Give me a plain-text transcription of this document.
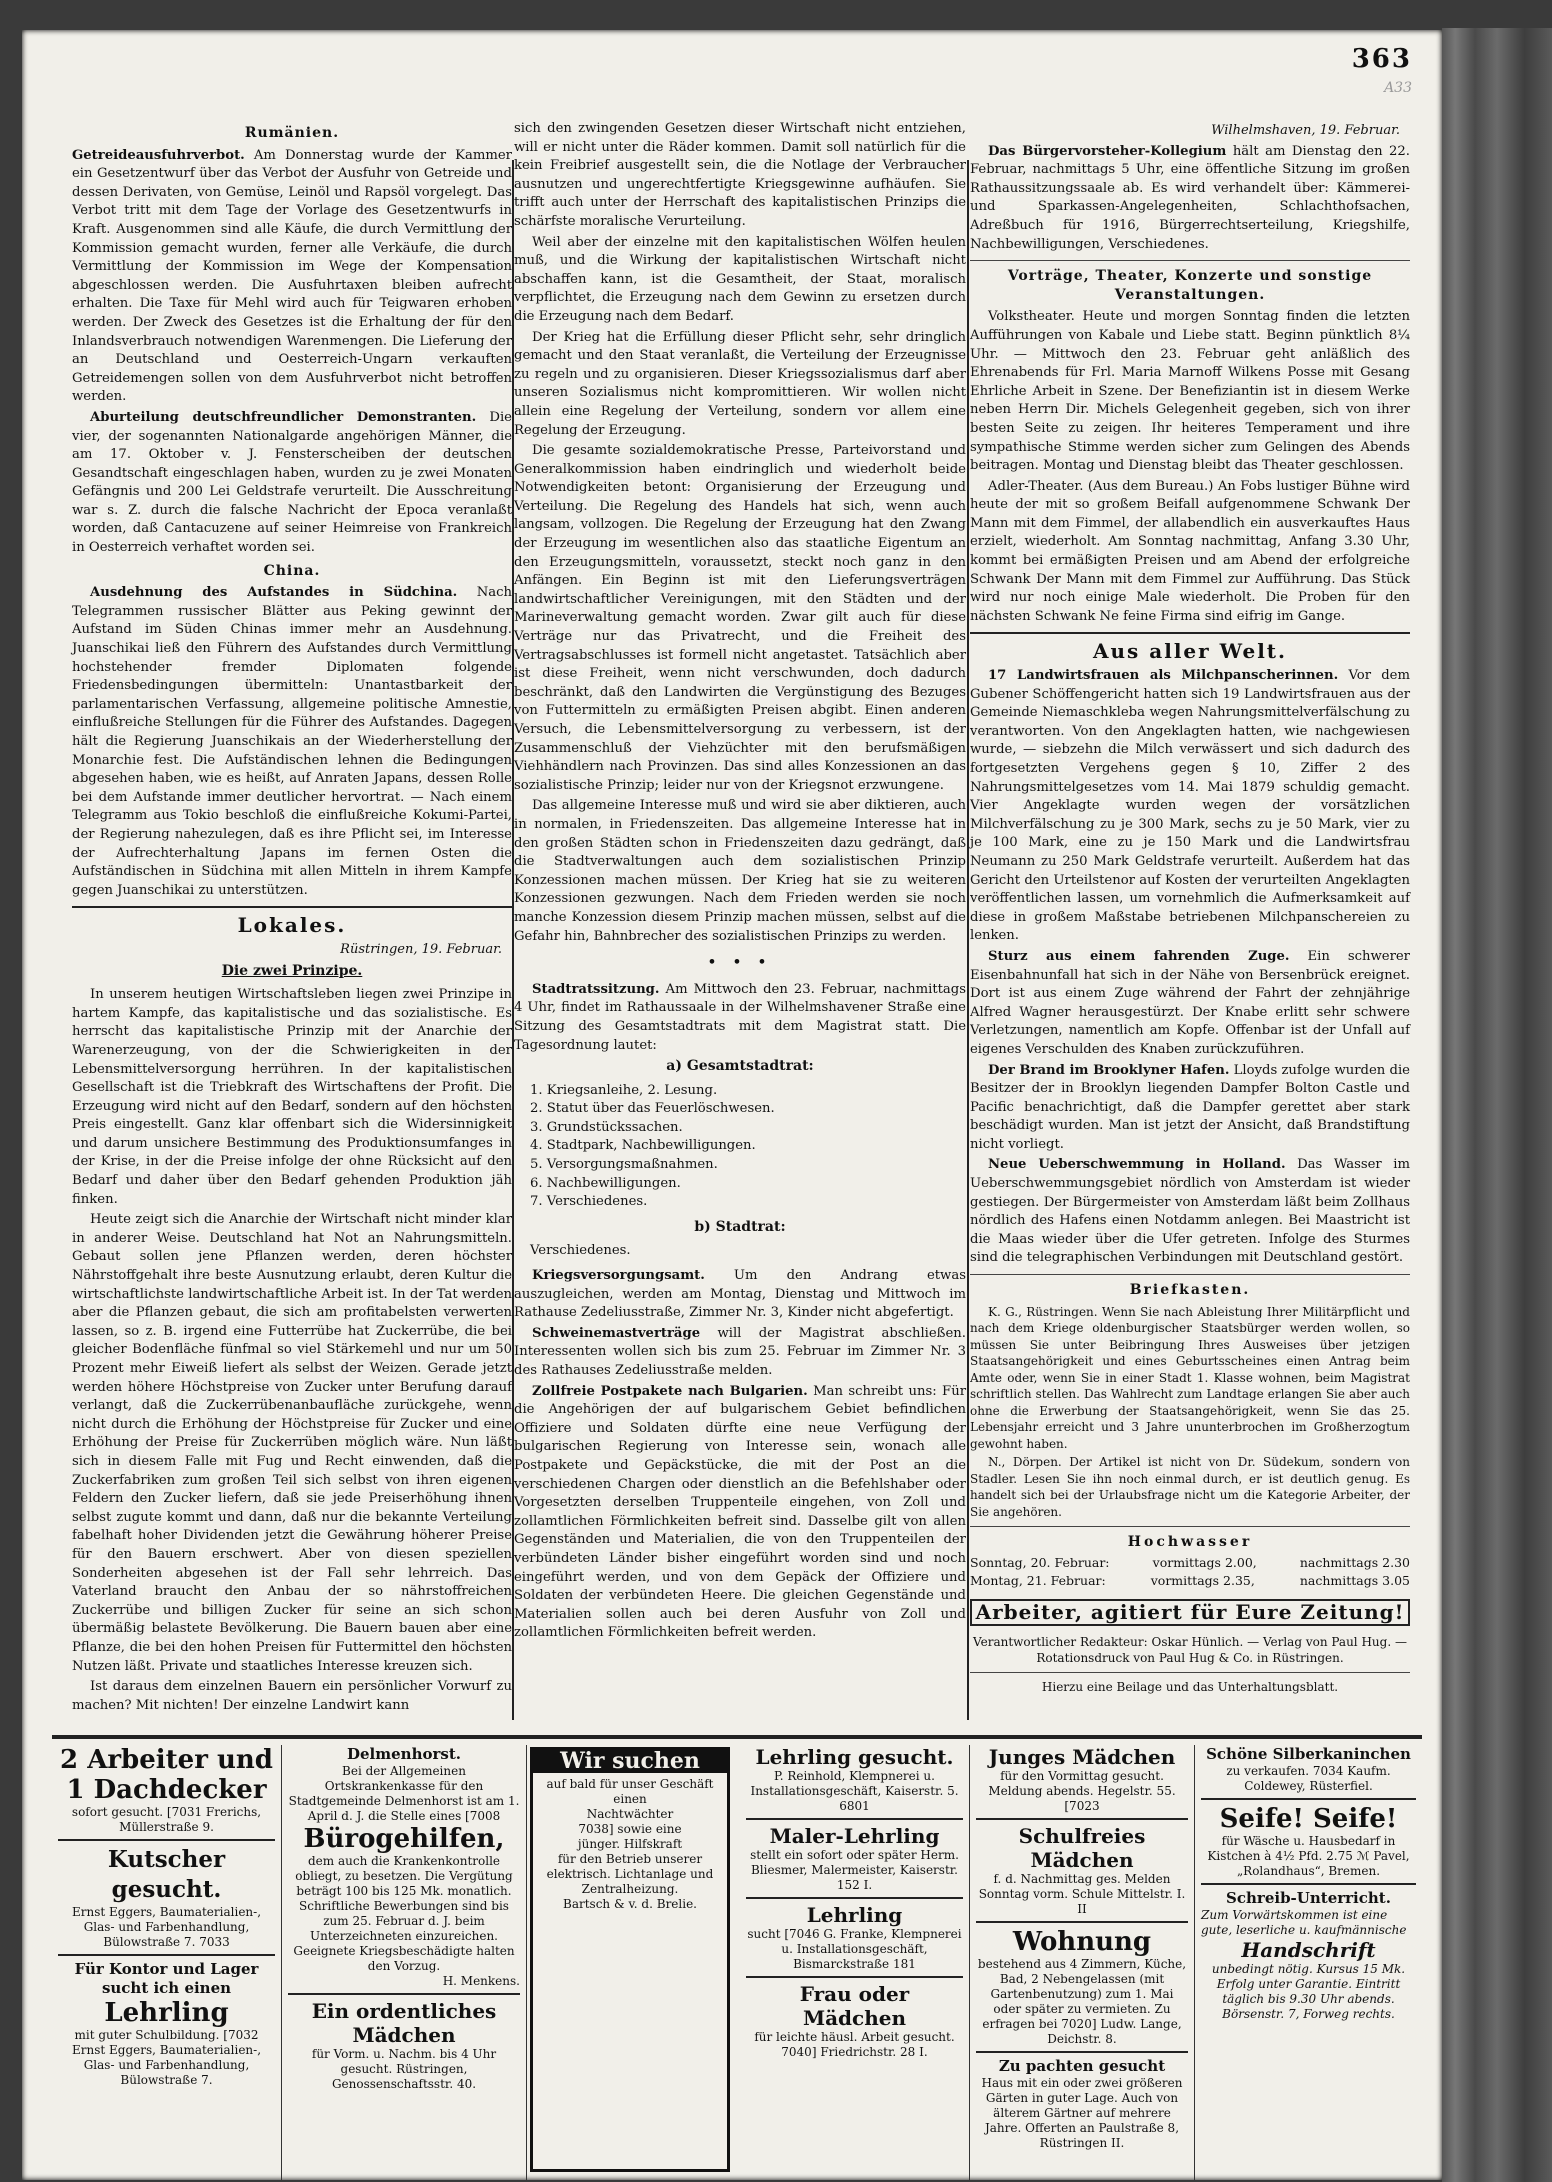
363
A33
Rumänien.

Getreideausfuhrverbot. Am Donnerstag wurde der Kammer ein Gesetzentwurf über das Verbot der Ausfuhr von Getreide und dessen Derivaten, von Gemüse, Leinöl und Rapsöl vorgelegt. Das Verbot tritt mit dem Tage der Vorlage des Gesetzentwurfs in Kraft. Ausgenommen sind alle Käufe, die durch Vermittlung der Kommission gemacht wurden, ferner alle Verkäufe, die durch Vermittlung der Kommission im Wege der Kompensation abgeschlossen werden. Die Ausfuhrtaxen bleiben aufrecht erhalten. Die Taxe für Mehl wird auch für Teigwaren erhoben werden. Der Zweck des Gesetzes ist die Erhaltung der für den Inlandsverbrauch notwendigen Warenmengen. Die Lieferung der an Deutschland und Oesterreich-Ungarn verkauften Getreidemengen sollen von dem Ausfuhrverbot nicht betroffen werden.

Aburteilung deutschfreundlicher Demonstranten. Die vier, der sogenannten Nationalgarde angehörigen Männer, die am 17. Oktober v. J. Fensterscheiben der deutschen Gesandtschaft eingeschlagen haben, wurden zu je zwei Monaten Gefängnis und 200 Lei Geldstrafe verurteilt. Die Ausschreitung war s. Z. durch die falsche Nachricht der Epoca veranlaßt worden, daß Cantacuzene auf seiner Heimreise von Frankreich in Oesterreich verhaftet worden sei.

China.

Ausdehnung des Aufstandes in Südchina. Nach Telegrammen russischer Blätter aus Peking gewinnt der Aufstand im Süden Chinas immer mehr an Ausdehnung. Juanschikai ließ den Führern des Aufstandes durch Vermittlung hochstehender fremder Diplomaten folgende Friedensbedingungen übermitteln: Unantastbarkeit der parlamentarischen Verfassung, allgemeine politische Amnestie, einflußreiche Stellungen für die Führer des Aufstandes. Dagegen hält die Regierung Juanschikais an der Wiederherstellung der Monarchie fest. Die Aufständischen lehnen die Bedingungen abgesehen haben, wie es heißt, auf Anraten Japans, dessen Rolle bei dem Aufstande immer deutlicher hervortrat. — Nach einem Telegramm aus Tokio beschloß die einflußreiche Kokumi-Partei, der Regierung nahezulegen, daß es ihre Pflicht sei, im Interesse der Aufrechterhaltung Japans im fernen Osten die Aufständischen in Südchina mit allen Mitteln in ihrem Kampfe gegen Juanschikai zu unterstützen.

Lokales.
Rüstringen, 19. Februar.
Die zwei Prinzipe.

In unserem heutigen Wirtschaftsleben liegen zwei Prinzipe in hartem Kampfe, das kapitalistische und das sozialistische. Es herrscht das kapitalistische Prinzip mit der Anarchie der Warenerzeugung, von der die Schwierigkeiten in der Lebensmittelversorgung herrühren. In der kapitalistischen Gesellschaft ist die Triebkraft des Wirtschaftens der Profit. Die Erzeugung wird nicht auf den Bedarf, sondern auf den höchsten Preis eingestellt. Ganz klar offenbart sich die Widersinnigkeit und darum unsichere Bestimmung des Produktionsumfanges in der Krise, in der die Preise infolge der ohne Rücksicht auf den Bedarf und daher über den Bedarf gehenden Produktion jäh finken.

Heute zeigt sich die Anarchie der Wirtschaft nicht minder klar in anderer Weise. Deutschland hat Not an Nahrungsmitteln. Gebaut sollen jene Pflanzen werden, deren höchster Nährstoffgehalt ihre beste Ausnutzung erlaubt, deren Kultur die wirtschaftlichste landwirtschaftliche Arbeit ist. In der Tat werden aber die Pflanzen gebaut, die sich am profitabelsten verwerten lassen, so z. B. irgend eine Futterrübe hat Zuckerrübe, die bei gleicher Bodenfläche fünfmal so viel Stärkemehl und nur um 50 Prozent mehr Eiweiß liefert als selbst der Weizen. Gerade jetzt werden höhere Höchstpreise von Zucker unter Berufung darauf verlangt, daß die Zuckerrübenanbaufläche zurückgehe, wenn nicht durch die Erhöhung der Höchstpreise für Zucker und eine Erhöhung der Preise für Zuckerrüben möglich wäre. Nun läßt sich in diesem Falle mit Fug und Recht einwenden, daß die Zuckerfabriken zum großen Teil sich selbst von ihren eigenen Feldern den Zucker liefern, daß sie jede Preiserhöhung ihnen selbst zugute kommt und dann, daß nur die bekannte Verteilung fabelhaft hoher Dividenden jetzt die Gewährung höherer Preise für den Bauern erschwert. Aber von diesen speziellen Sonderheiten abgesehen ist der Fall sehr lehrreich. Das Vaterland braucht den Anbau der so nährstoffreichen Zuckerrübe und billigen Zucker für seine an sich schon übermäßig belastete Bevölkerung. Die Bauern bauen aber eine Pflanze, die bei den hohen Preisen für Futtermittel den höchsten Nutzen läßt. Private und staatliches Interesse kreuzen sich.

Ist daraus dem einzelnen Bauern ein persönlicher Vorwurf zu machen? Mit nichten! Der einzelne Landwirt kann

sich den zwingenden Gesetzen dieser Wirtschaft nicht entziehen, will er nicht unter die Räder kommen. Damit soll natürlich für die kein Freibrief ausgestellt sein, die die Notlage der Verbraucher ausnutzen und ungerechtfertigte Kriegsgewinne aufhäufen. Sie trifft auch unter der Herrschaft des kapitalistischen Prinzips die schärfste moralische Verurteilung.

Weil aber der einzelne mit den kapitalistischen Wölfen heulen muß, und die Wirkung der kapitalistischen Wirtschaft nicht abschaffen kann, ist die Gesamtheit, der Staat, moralisch verpflichtet, die Erzeugung nach dem Gewinn zu ersetzen durch die Erzeugung nach dem Bedarf.

Der Krieg hat die Erfüllung dieser Pflicht sehr, sehr dringlich gemacht und den Staat veranlaßt, die Verteilung der Erzeugnisse zu regeln und zu organisieren. Dieser Kriegssozialismus darf aber unseren Sozialismus nicht kompromittieren. Wir wollen nicht allein eine Regelung der Verteilung, sondern vor allem eine Regelung der Erzeugung.

Die gesamte sozialdemokratische Presse, Parteivorstand und Generalkommission haben eindringlich und wiederholt beide Notwendigkeiten betont: Organisierung der Erzeugung und Verteilung. Die Regelung des Handels hat sich, wenn auch langsam, vollzogen. Die Regelung der Erzeugung hat den Zwang der Erzeugung im wesentlichen also das staatliche Eigentum an den Erzeugungsmitteln, voraussetzt, steckt noch ganz in den Anfängen. Ein Beginn ist mit den Lieferungsverträgen landwirtschaftlicher Vereinigungen, mit den Städten und der Marineverwaltung gemacht worden. Zwar gilt auch für diese Verträge nur das Privatrecht, und die Freiheit des Vertragsabschlusses ist formell nicht angetastet. Tatsächlich aber ist diese Freiheit, wenn nicht verschwunden, doch dadurch beschränkt, daß den Landwirten die Vergünstigung des Bezuges von Futtermitteln zu ermäßigten Preisen abgibt. Einen anderen Versuch, die Lebensmittelversorgung zu verbessern, ist der Zusammenschluß der Viehzüchter mit den berufsmäßigen Viehhändlern nach Provinzen. Das sind alles Konzessionen an das sozialistische Prinzip; leider nur von der Kriegsnot erzwungene.

Das allgemeine Interesse muß und wird sie aber diktieren, auch in normalen, in Friedenszeiten. Das allgemeine Interesse hat in den großen Städten schon in Friedenszeiten dazu gedrängt, daß die Stadtverwaltungen auch dem sozialistischen Prinzip Konzessionen machen müssen. Der Krieg hat sie zu weiteren Konzessionen gezwungen. Nach dem Frieden werden sie noch manche Konzession diesem Prinzip machen müssen, selbst auf die Gefahr hin, Bahnbrecher des sozialistischen Prinzips zu werden.

• • •

Stadtratssitzung. Am Mittwoch den 23. Februar, nachmittags 4 Uhr, findet im Rathaussaale in der Wilhelmshavener Straße eine Sitzung des Gesamtstadtrats mit dem Magistrat statt. Die Tagesordnung lautet:

a) Gesamtstadtrat:
1. Kriegsanleihe, 2. Lesung.
2. Statut über das Feuerlöschwesen.
3. Grundstückssachen.
4. Stadtpark, Nachbewilligungen.
5. Versorgungsmaßnahmen.
6. Nachbewilligungen.
7. Verschiedenes.
b) Stadtrat:
Verschiedenes.

Kriegsversorgungsamt. Um den Andrang etwas auszugleichen, werden am Montag, Dienstag und Mittwoch im Rathause Zedeliusstraße, Zimmer Nr. 3, Kinder nicht abgefertigt.

Schweinemastverträge will der Magistrat abschließen. Interessenten wollen sich bis zum 25. Februar im Zimmer Nr. 3 des Rathauses Zedeliusstraße melden.

Zollfreie Postpakete nach Bulgarien. Man schreibt uns: Für die Angehörigen der auf bulgarischem Gebiet befindlichen Offiziere und Soldaten dürfte eine neue Verfügung der bulgarischen Regierung von Interesse sein, wonach alle Postpakete und Gepäckstücke, die mit der Post an die verschiedenen Chargen oder dienstlich an die Befehlshaber oder Vorgesetzten derselben Truppenteile eingehen, von Zoll und zollamtlichen Förmlichkeiten befreit sind. Dasselbe gilt von allen Gegenständen und Materialien, die von den Truppenteilen der verbündeten Länder bisher eingeführt worden sind und noch eingeführt werden, und von dem Gepäck der Offiziere und Soldaten der verbündeten Heere. Die gleichen Gegenstände und Materialien sollen auch bei deren Ausfuhr von Zoll und zollamtlichen Förmlichkeiten befreit werden.

Wilhelmshaven, 19. Februar.

Das Bürgervorsteher-Kollegium hält am Dienstag den 22. Februar, nachmittags 5 Uhr, eine öffentliche Sitzung im großen Rathaussitzungssaale ab. Es wird verhandelt über: Kämmerei- und Sparkassen-Angelegenheiten, Schlachthofsachen, Adreßbuch für 1916, Bürgerrechtserteilung, Kriegshilfe, Nachbewilligungen, Verschiedenes.

Vorträge, Theater, Konzerte und sonstige Veranstaltungen.

Volkstheater. Heute und morgen Sonntag finden die letzten Aufführungen von Kabale und Liebe statt. Beginn pünktlich 8¼ Uhr. — Mittwoch den 23. Februar geht anläßlich des Ehrenabends für Frl. Maria Marnoff Wilkens Posse mit Gesang Ehrliche Arbeit in Szene. Der Benefiziantin ist in diesem Werke neben Herrn Dir. Michels Gelegenheit gegeben, sich von ihrer besten Seite zu zeigen. Ihr heiteres Temperament und ihre sympathische Stimme werden sicher zum Gelingen des Abends beitragen. Montag und Dienstag bleibt das Theater geschlossen.

Adler-Theater. (Aus dem Bureau.) An Fobs lustiger Bühne wird heute der mit so großem Beifall aufgenommene Schwank Der Mann mit dem Fimmel, der allabendlich ein ausverkauftes Haus erzielt, wiederholt. Am Sonntag nachmittag, Anfang 3.30 Uhr, kommt bei ermäßigten Preisen und am Abend der erfolgreiche Schwank Der Mann mit dem Fimmel zur Aufführung. Das Stück wird nur noch einige Male wiederholt. Die Proben für den nächsten Schwank Ne feine Firma sind eifrig im Gange.

Aus aller Welt.

17 Landwirtsfrauen als Milchpanscherinnen. Vor dem Gubener Schöffengericht hatten sich 19 Landwirtsfrauen aus der Gemeinde Niemaschkleba wegen Nahrungsmittelverfälschung zu verantworten. Von den Angeklagten hatten, wie nachgewiesen wurde, — siebzehn die Milch verwässert und sich dadurch des fortgesetzten Vergehens gegen § 10, Ziffer 2 des Nahrungsmittelgesetzes vom 14. Mai 1879 schuldig gemacht. Vier Angeklagte wurden wegen der vorsätzlichen Milchverfälschung zu je 300 Mark, sechs zu je 50 Mark, vier zu je 100 Mark, eine zu je 150 Mark und die Landwirtsfrau Neumann zu 250 Mark Geldstrafe verurteilt. Außerdem hat das Gericht den Urteilstenor auf Kosten der verurteilten Angeklagten veröffentlichen lassen, um vornehmlich die Aufmerksamkeit auf diese in großem Maßstabe betriebenen Milchpanschereien zu lenken.

Sturz aus einem fahrenden Zuge. Ein schwerer Eisenbahnunfall hat sich in der Nähe von Bersenbrück ereignet. Dort ist aus einem Zuge während der Fahrt der zehnjährige Alfred Wagner herausgestürzt. Der Knabe erlitt sehr schwere Verletzungen, namentlich am Kopfe. Offenbar ist der Unfall auf eigenes Verschulden des Knaben zurückzuführen.

Der Brand im Brooklyner Hafen. Lloyds zufolge wurden die Besitzer der in Brooklyn liegenden Dampfer Bolton Castle und Pacific benachrichtigt, daß die Dampfer gerettet aber stark beschädigt wurden. Man ist jetzt der Ansicht, daß Brandstiftung nicht vorliegt.

Neue Ueberschwemmung in Holland. Das Wasser im Ueberschwemmungsgebiet nördlich von Amsterdam ist wieder gestiegen. Der Bürgermeister von Amsterdam läßt beim Zollhaus nördlich des Hafens einen Notdamm anlegen. Bei Maastricht ist die Maas wieder über die Ufer getreten. Infolge des Sturmes sind die telegraphischen Verbindungen mit Deutschland gestört.

Briefkasten.

K. G., Rüstringen. Wenn Sie nach Ableistung Ihrer Militärpflicht und nach dem Kriege oldenburgischer Staatsbürger werden wollen, so müssen Sie unter Beibringung Ihres Ausweises über jetzigen Staatsangehörigkeit und eines Geburtsscheines einen Antrag beim Amte oder, wenn Sie in einer Stadt 1. Klasse wohnen, beim Magistrat schriftlich stellen. Das Wahlrecht zum Landtage erlangen Sie aber auch ohne die Erwerbung der Staatsangehörigkeit, wenn Sie das 25. Lebensjahr erreicht und 3 Jahre ununterbrochen im Großherzogtum gewohnt haben.

N., Dörpen. Der Artikel ist nicht von Dr. Südekum, sondern von Stadler. Lesen Sie ihn noch einmal durch, er ist deutlich genug. Es handelt sich bei der Urlaubsfrage nicht um die Kategorie Arbeiter, der Sie angehören.

Hochwasser
Sonntag, 20. Februar:	vormittags 2.00,	nachmittags 2.30
Montag, 21. Februar:	vormittags 2.35,	nachmittags 3.05
Arbeiter, agitiert für Eure Zeitung!
Verantwortlicher Redakteur: Oskar Hünlich. — Verlag von Paul Hug. — Rotationsdruck von Paul Hug & Co. in Rüstringen.
Hierzu eine Beilage und das Unterhaltungsblatt.
2 Arbeiter und 1 Dachdecker
sofort gesucht. [7031 Frerichs, Müllerstraße 9.
Kutscher gesucht.
Ernst Eggers, Baumaterialien-, Glas- und Farbenhandlung, Bülowstraße 7. 7033
Für Kontor und Lager sucht ich einen
Lehrling
mit guter Schulbildung. [7032 Ernst Eggers, Baumaterialien-, Glas- und Farbenhandlung, Bülowstraße 7.
Delmenhorst.
Bei der Allgemeinen Ortskrankenkasse für den Stadtgemeinde Delmenhorst ist am 1. April d. J. die Stelle eines [7008
Bürogehilfen,
dem auch die Krankenkontrolle obliegt, zu besetzen. Die Vergütung beträgt 100 bis 125 Mk. monatlich. Schriftliche Bewerbungen sind bis zum 25. Februar d. J. beim Unterzeichneten einzureichen. Geeignete Kriegsbeschädigte halten den Vorzug.
H. Menkens.
Ein ordentliches Mädchen
für Vorm. u. Nachm. bis 4 Uhr gesucht. Rüstringen, Genossenschaftsstr. 40.
Wir suchen
auf bald für unser Geschäft einen
Nachtwächter
7038] sowie eine
jünger. Hilfskraft
für den Betrieb unserer elektrisch. Lichtanlage und Zentralheizung.
Bartsch & v. d. Brelie.
Lehrling gesucht.
P. Reinhold, Klempnerei u. Installationsgeschäft, Kaiserstr. 5. 6801
Maler-Lehrling
stellt ein sofort oder später Herm. Bliesmer, Malermeister, Kaiserstr. 152 I.
Lehrling
sucht [7046 G. Franke, Klempnerei u. Installationsgeschäft, Bismarckstraße 181
Frau oder Mädchen
für leichte häusl. Arbeit gesucht. 7040] Friedrichstr. 28 I.
Junges Mädchen
für den Vormittag gesucht. Meldung abends. Hegelstr. 55. [7023
Schulfreies Mädchen
f. d. Nachmittag ges. Melden Sonntag vorm. Schule Mittelstr. I. II
Wohnung
bestehend aus 4 Zimmern, Küche, Bad, 2 Nebengelassen (mit Gartenbenutzung) zum 1. Mai oder später zu vermieten. Zu erfragen bei 7020] Ludw. Lange, Deichstr. 8.
Zu pachten gesucht
Haus mit ein oder zwei größeren Gärten in guter Lage. Auch von älterem Gärtner auf mehrere Jahre. Offerten an Paulstraße 8, Rüstringen II.
Schöne Silberkaninchen
zu verkaufen. 7034 Kaufm. Coldewey, Rüsterfiel.
Seife! Seife!
für Wäsche u. Hausbedarf in Kistchen à 4½ Pfd. 2.75 ℳ Pavel, „Rolandhaus“, Bremen.
Schreib-Unterricht.
Zum Vorwärtskommen ist eine gute, leserliche u. kaufmännische
Handschrift
unbedingt nötig. Kursus 15 Mk. Erfolg unter Garantie. Eintritt täglich bis 9.30 Uhr abends. Börsenstr. 7, Forweg rechts.
